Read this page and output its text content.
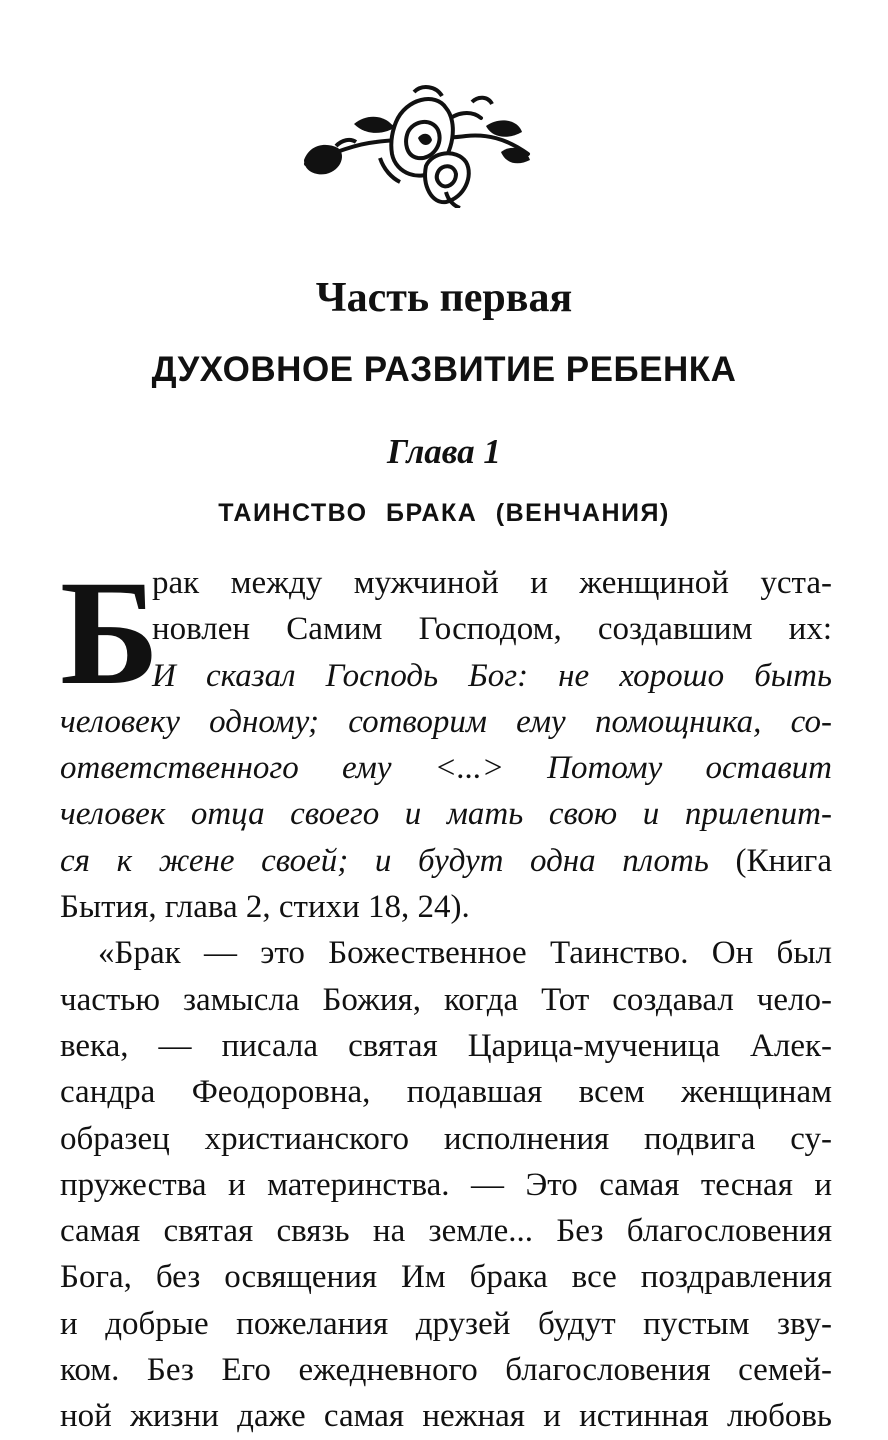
Часть первая
ДУХОВНОЕ РАЗВИТИЕ РЕБЕНКА
Глава 1
ТАИНСТВО БРАКА (ВЕНЧАНИЯ)
Б
рак между мужчиной и женщиной уста-
новлен Самим Господом, создавшим их:
И сказал Господь Бог: не хорошо быть
человеку одному; сотворим ему помощника, со-
ответственного ему <...> Потому оставит
человек отца своего и мать свою и прилепит-
ся к жене своей; и будут одна плоть (Книга
Бытия, глава 2, стихи 18, 24).
«Брак — это Божественное Таинство. Он был
частью замысла Божия, когда Тот создавал чело-
века, — писала святая Царица-мученица Алек-
сандра Феодоровна, подавшая всем женщинам
образец христианского исполнения подвига су-
пружества и материнства. — Это самая тесная и
самая святая связь на земле... Без благословения
Бога, без освящения Им брака все поздравления
и добрые пожелания друзей будут пустым зву-
ком. Без Его ежедневного благословения семей-
ной жизни даже самая нежная и истинная любовь
